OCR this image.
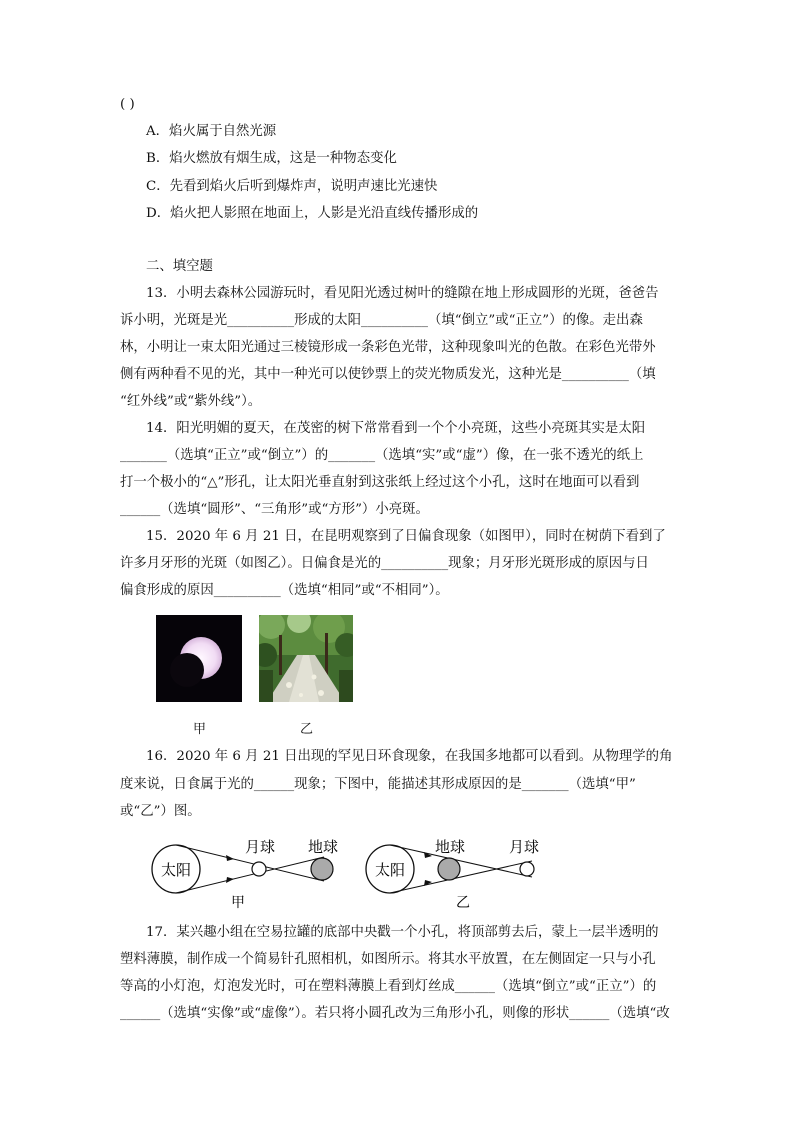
( )
A．焰火属于自然光源
B．焰火燃放有烟生成，这是一种物态变化
C．先看到焰火后听到爆炸声，说明声速比光速快
D．焰火把人影照在地面上，人影是光沿直线传播形成的
二、填空题
13．小明去森林公园游玩时，看见阳光透过树叶的缝隙在地上形成圆形的光斑，爸爸告
诉小明，光斑是光__________形成的太阳__________（填“倒立”或“正立”）的像。走出森
林，小明让一束太阳光通过三棱镜形成一条彩色光带，这种现象叫光的色散。在彩色光带外
侧有两种看不见的光，其中一种光可以使钞票上的荧光物质发光，这种光是__________（填
“红外线”或“紫外线”）。
14．阳光明媚的夏天，在茂密的树下常常看到一个个小亮斑，这些小亮斑其实是太阳
_______（选填“正立”或“倒立”）的_______（选填“实”或“虚”）像，在一张不透光的纸上
打一个极小的“△”形孔，让太阳光垂直射到这张纸上经过这个小孔，这时在地面可以看到
______（选填“圆形”、“三角形”或“方形”）小亮斑。
15．2020 年 6 月 21 日，在昆明观察到了日偏食现象（如图甲），同时在树荫下看到了
许多月牙形的光斑（如图乙）。日偏食是光的__________现象；月牙形光斑形成的原因与日
偏食形成的原因__________（选填“相同”或“不相同”）。
甲	乙
16．2020 年 6 月 21 日出现的罕见日环食现象，在我国多地都可以看到。从物理学的角
度来说，日食属于光的______现象；下图中，能描述其形成原因的是_______（选填“甲”
或“乙”）图。
太阳
月球 地球
甲
太阳
地球	月球
乙
17．某兴趣小组在空易拉罐的底部中央戳一个小孔，将顶部剪去后，蒙上一层半透明的
塑料薄膜，制作成一个简易针孔照相机，如图所示。将其水平放置，在左侧固定一只与小孔
等高的小灯泡，灯泡发光时，可在塑料薄膜上看到灯丝成______（选填“倒立”或“正立”）的
______（选填“实像”或“虚像”）。若只将小圆孔改为三角形小孔，则像的形状______（选填“改
